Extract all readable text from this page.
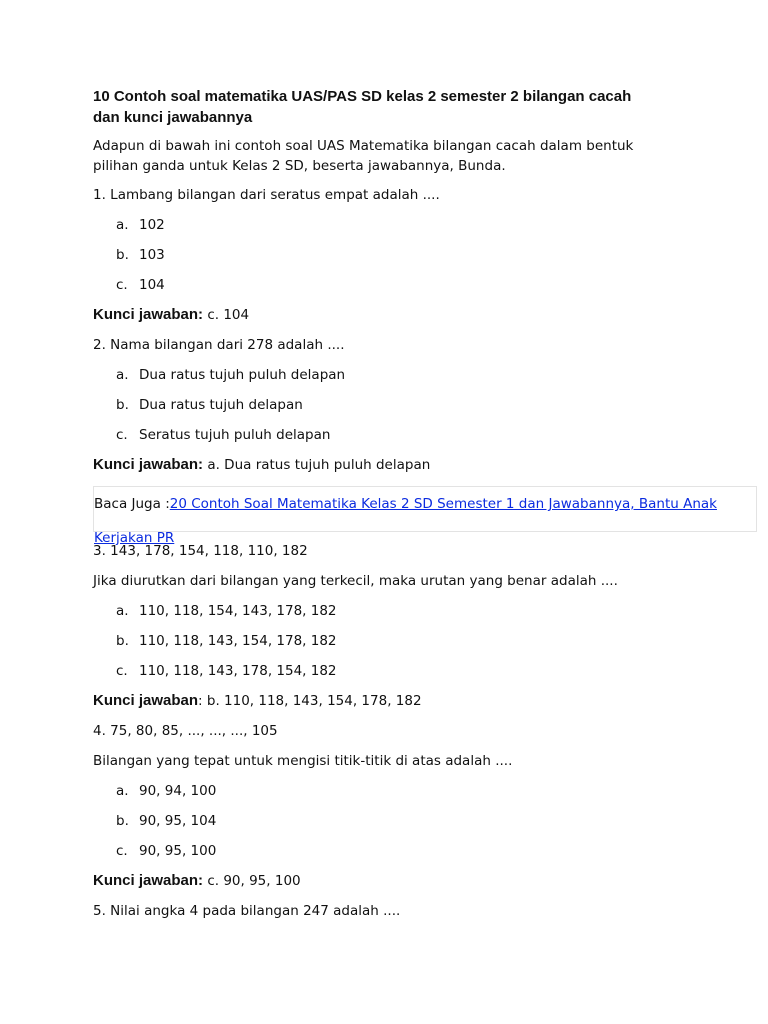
10 Contoh soal matematika UAS/PAS SD kelas 2 semester 2 bilangan cacah dan kunci jawabannya
Adapun di bawah ini contoh soal UAS Matematika bilangan cacah dalam bentuk pilihan ganda untuk Kelas 2 SD, beserta jawabannya, Bunda.
1. Lambang bilangan dari seratus empat adalah ....
a. 102
b. 103
c. 104
Kunci jawaban: c. 104
2. Nama bilangan dari 278 adalah ....
a. Dua ratus tujuh puluh delapan
b. Dua ratus tujuh delapan
c. Seratus tujuh puluh delapan
Kunci jawaban: a. Dua ratus tujuh puluh delapan
Baca Juga :20 Contoh Soal Matematika Kelas 2 SD Semester 1 dan Jawabannya, Bantu Anak Kerjakan PR
3. 143, 178, 154, 118, 110, 182
Jika diurutkan dari bilangan yang terkecil, maka urutan yang benar adalah ....
a. 110, 118, 154, 143, 178, 182
b. 110, 118, 143, 154, 178, 182
c. 110, 118, 143, 178, 154, 182
Kunci jawaban: b. 110, 118, 143, 154, 178, 182
4. 75, 80, 85, ..., ..., ..., 105
Bilangan yang tepat untuk mengisi titik-titik di atas adalah ....
a. 90, 94, 100
b. 90, 95, 104
c. 90, 95, 100
Kunci jawaban: c. 90, 95, 100
5. Nilai angka 4 pada bilangan 247 adalah ....
